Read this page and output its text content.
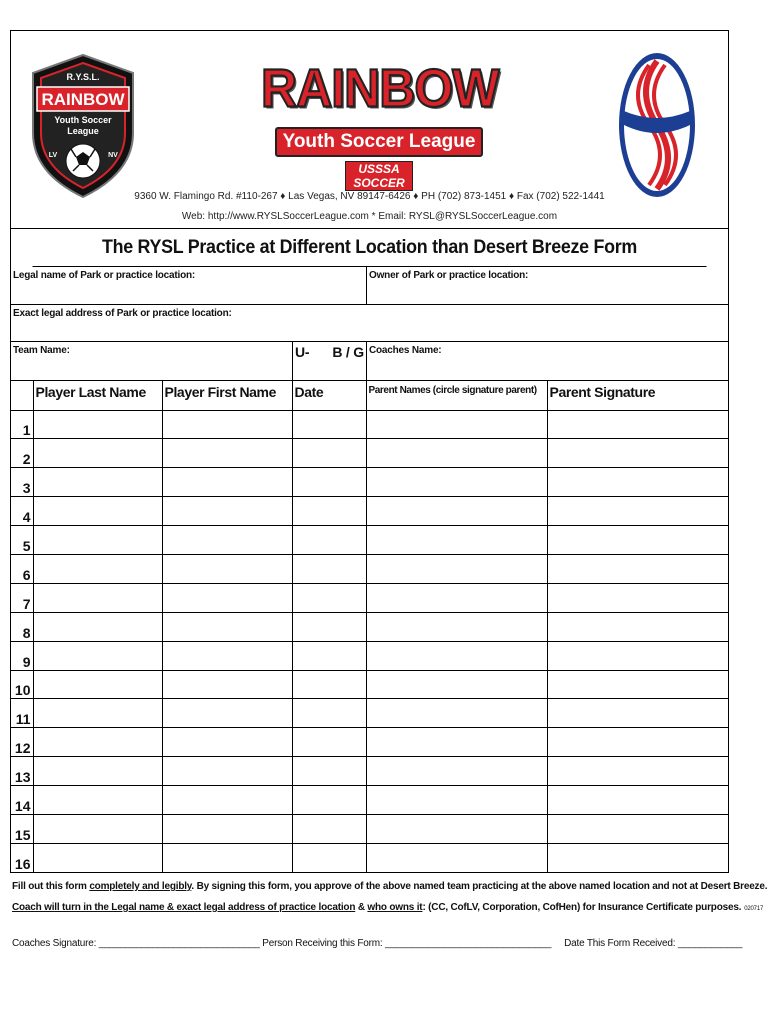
R.Y.S.L.
RAINBOW
Youth Soccer
League
LV	NV
RAINBOW
Youth Soccer League
USSSA SOCCER
9360 W. Flamingo Rd. #110-267 ♦ Las Vegas, NV 89147-6426 ♦ PH (702) 873-1451 ♦ Fax (702) 522-1441
Web: http://www.RYSLSoccerLeague.com * Email: RYSL@RYSLSoccerLeague.com
The RYSL Practice at Different Location than Desert Breeze Form
Legal name of Park or practice location:	Owner of Park or practice location:
Exact legal address of Park or practice location:
Team Name:	U- B / G Coaches Name:
	Player Last Name	Player First Name	Date	Parent Names (circle signature parent)	Parent Signature
1					
2					
3					
4					
5					
6					
7					
8					
9					
10					
11					
12					
13					
14					
15					
16					
Fill out this form completely and legibly. By signing this form, you approve of the above named team practicing at the above named location and not at Desert Breeze.
Coach will turn in the Legal name & exact legal address of practice location & who owns it: (CC, CofLV, Corporation, CofHen) for Insurance Certificate purposes. 020717
Coaches Signature: ______________________________ Person Receiving this Form: _______________________________     Date This Form Received: ____________
